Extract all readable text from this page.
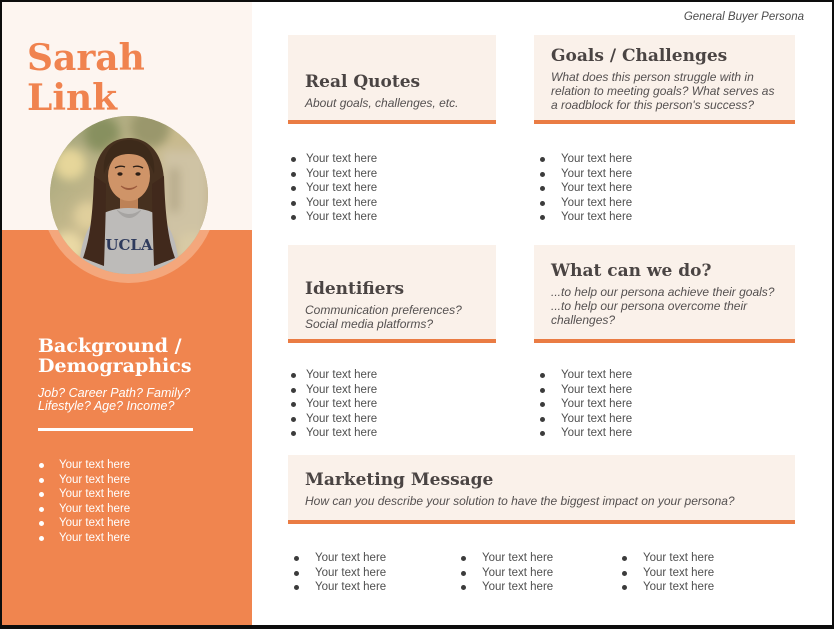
UCLA
Sarah Link
Background / Demographics
Job? Career Path? Family? Lifestyle? Age? Income?
Your text here
Your text here
Your text here
Your text here
Your text here
Your text here
General Buyer Persona
Real Quotes
About goals, challenges, etc.
Goals / Challenges
What does this person struggle with in relation to meeting goals? What serves as a roadblock for this person's success?
Your text here
Your text here
Your text here
Your text here
Your text here
Your text here
Your text here
Your text here
Your text here
Your text here
Identifiers
Communication preferences?
Social media platforms?
What can we do?
...to help our persona achieve their goals?
...to help our persona overcome their challenges?
Your text here
Your text here
Your text here
Your text here
Your text here
Your text here
Your text here
Your text here
Your text here
Your text here
Marketing Message
How can you describe your solution to have the biggest impact on your persona?
Your text here
Your text here
Your text here
Your text here
Your text here
Your text here
Your text here
Your text here
Your text here
